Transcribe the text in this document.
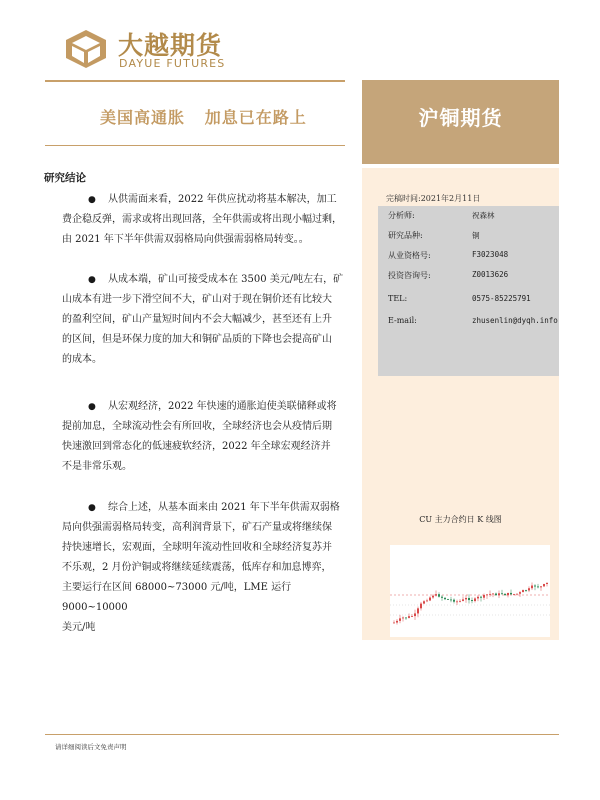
大越期货
DAYUE FUTURES
沪铜期货
美国高通胀   加息已在路上
研究结论
● 从供需面来看，2022 年供应扰动将基本解决，加工
费企稳反弹，需求或将出现回落，全年供需或将出现小幅过剩，
由 2021 年下半年供需双弱格局向供强需弱格局转变。。
● 从成本端，矿山可接受成本在 3500 美元/吨左右，矿
山成本有进一步下滑空间不大，矿山对于现在铜价还有比较大
的盈利空间，矿山产量短时间内不会大幅减少，甚至还有上升
的区间，但是环保力度的加大和铜矿品质的下降也会提高矿山
的成本。
● 从宏观经济，2022 年快速的通胀迫使美联储释或将
提前加息，全球流动性会有所回收，全球经济也会从疫情后期
快速激回到常态化的低速疲软经济，2022 年全球宏观经济并
不是非常乐观。
● 综合上述，从基本面来由 2021 年下半年供需双弱格
局向供强需弱格局转变，高利润背景下，矿石产量或将继续保
持快速增长，宏观面，全球明年流动性回收和全球经济复苏并
不乐观，2 月份沪铜或将继续延续震荡，低库存和加息博弈，
主要运行在区间 68000~73000 元/吨，LME 运行 9000~10000
美元/吨
完稿时间:2021年2月11日
分析师:	祝森林
研究品种:	铜
从业资格号:	F3023048
投资咨询号:	Z0013626
TEL:	0575-85225791
E-mail:	zhusenlin@dyqh.info
CU 主力合约日 K 线图
请详细阅读后文免责声明
